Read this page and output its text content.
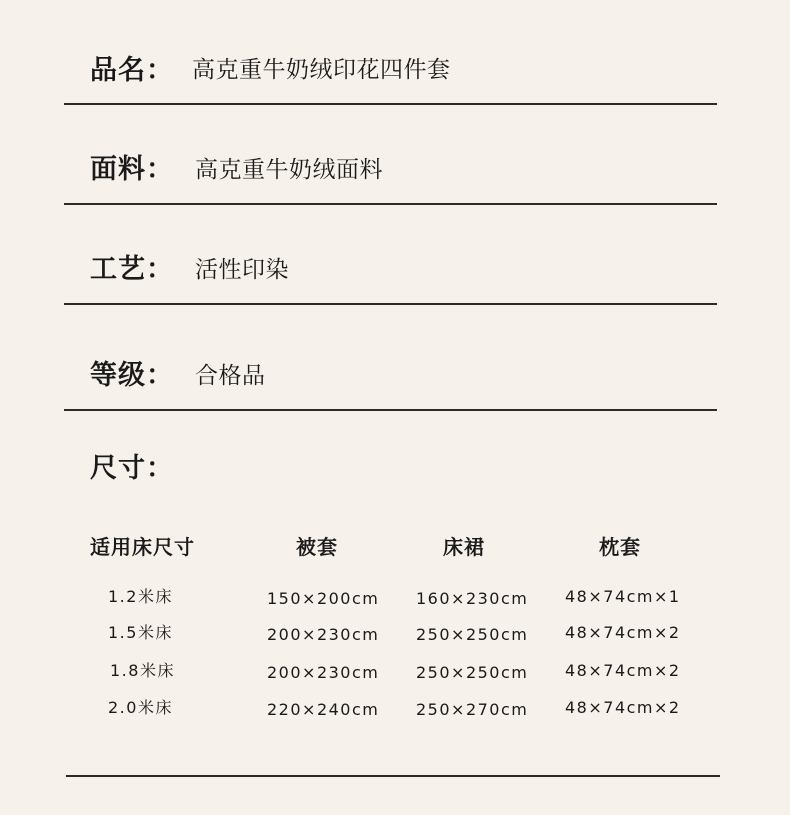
品名： 高克重牛奶绒印花四件套
面料： 高克重牛奶绒面料
工艺： 活性印染
等级： 合格品
尺寸：
适用床尺寸	被套	床裙	枕套
1.2米床	150×200cm 160×230cm 48×74cm×1
1.5米床	200×230cm 250×250cm 48×74cm×2
1.8米床	200×230cm 250×250cm 48×74cm×2
2.0米床	220×240cm 250×270cm 48×74cm×2
